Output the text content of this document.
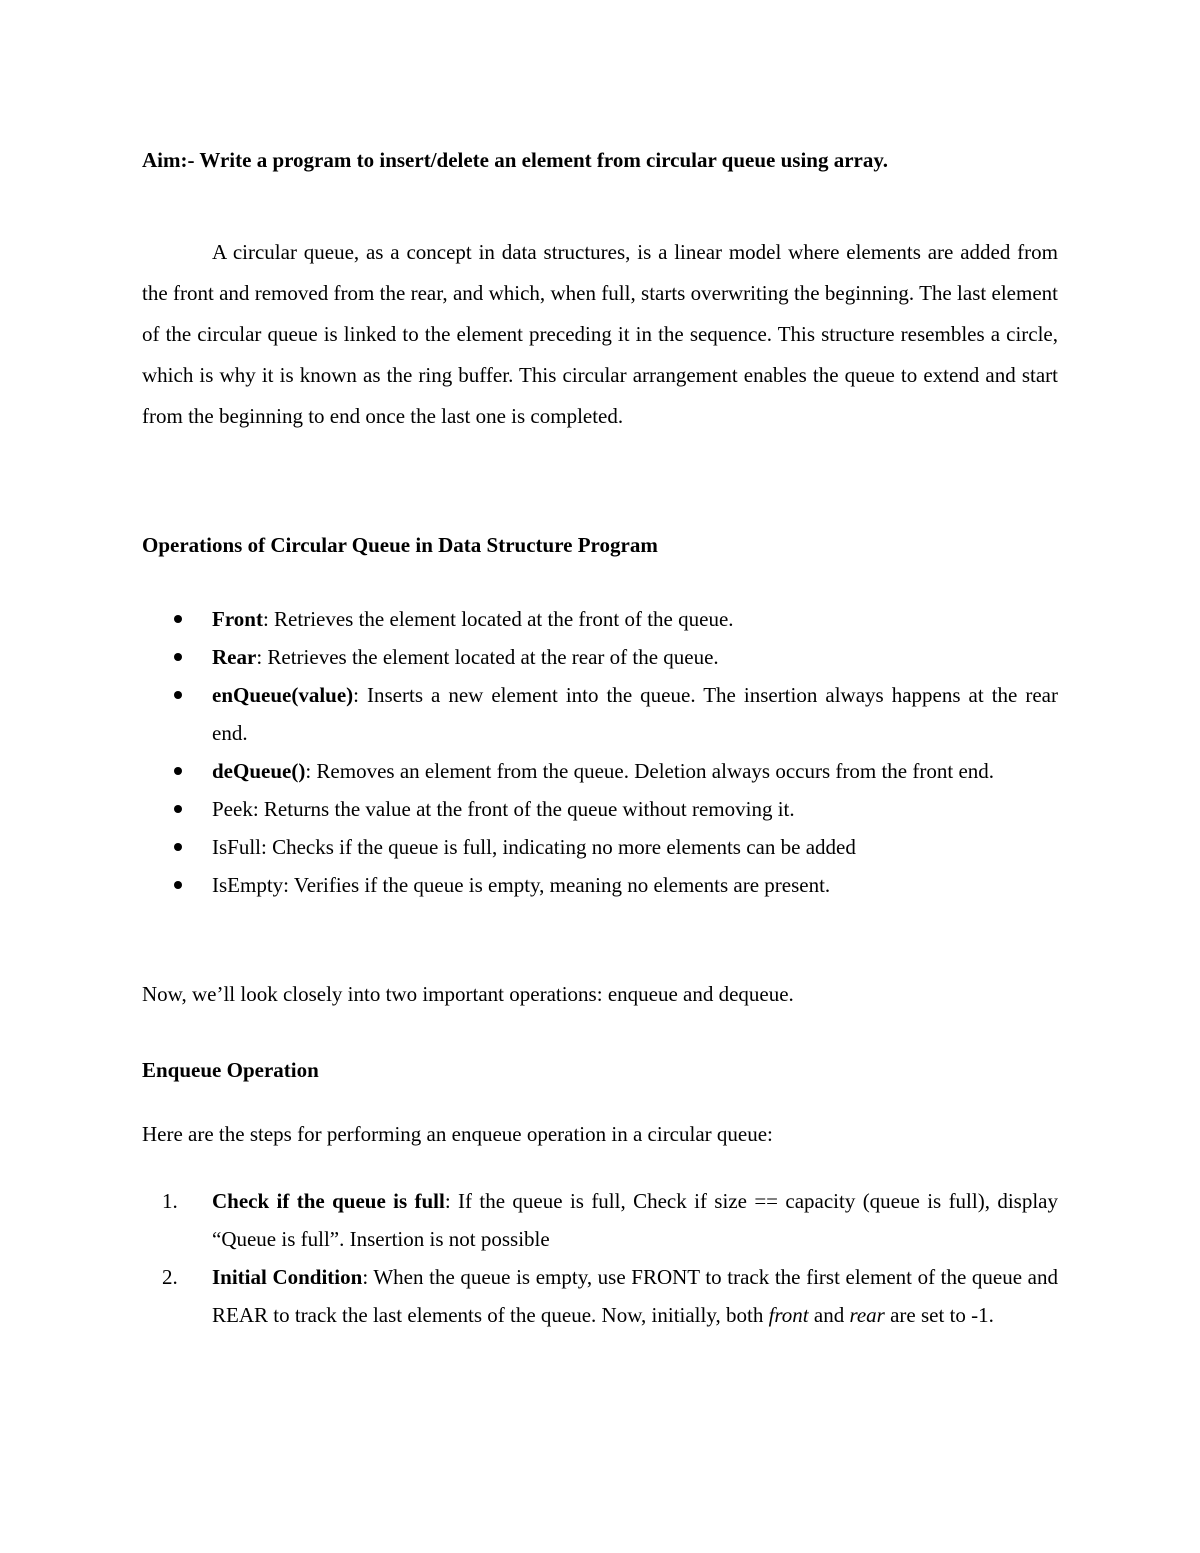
Aim:- Write a program to insert/delete an element from circular queue using array.

A circular queue, as a concept in data structures, is a linear model where elements are added from the front and removed from the rear, and which, when full, starts overwriting the beginning. The last element of the circular queue is linked to the element preceding it in the sequence. This structure resembles a circle, which is why it is known as the ring buffer. This circular arrangement enables the queue to extend and start from the beginning to end once the last one is completed.

Operations of Circular Queue in Data Structure Program

Front: Retrieves the element located at the front of the queue.
Rear: Retrieves the element located at the rear of the queue.
enQueue(value): Inserts a new element into the queue. The insertion always happens at the rear end.
deQueue(): Removes an element from the queue. Deletion always occurs from the front end.
Peek: Returns the value at the front of the queue without removing it.
IsFull: Checks if the queue is full, indicating no more elements can be added
IsEmpty: Verifies if the queue is empty, meaning no elements are present.

Now, we’ll look closely into two important operations: enqueue and dequeue.

Enqueue Operation

Here are the steps for performing an enqueue operation in a circular queue:

1. Check if the queue is full: If the queue is full, Check if size == capacity (queue is full), display “Queue is full”. Insertion is not possible
2. Initial Condition: When the queue is empty, use FRONT to track the first element of the queue and REAR to track the last elements of the queue. Now, initially, both front and rear are set to -1.
